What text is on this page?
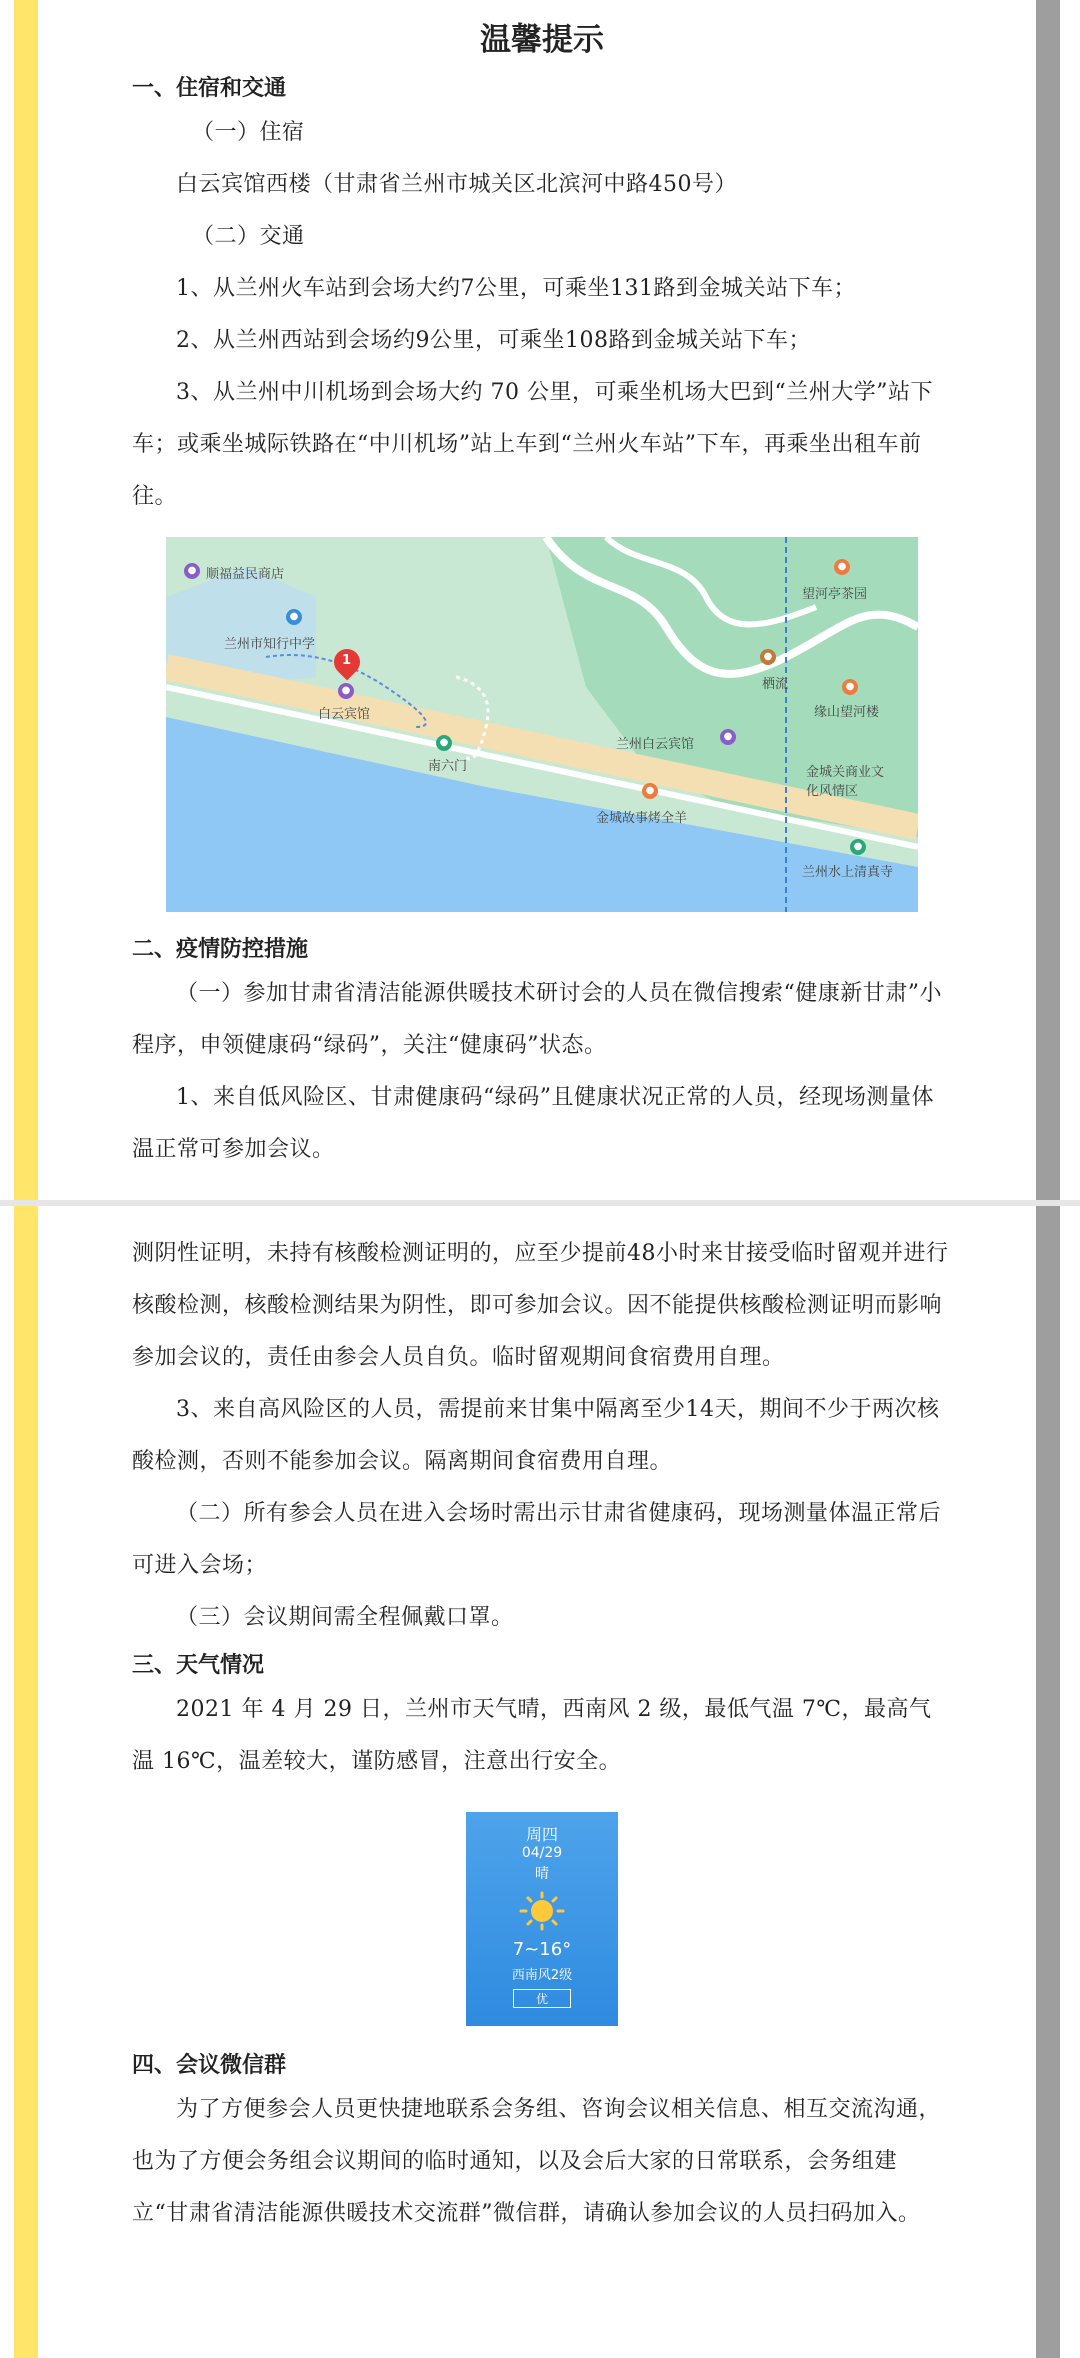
温馨提示

一、住宿和交通

（一）住宿

白云宾馆西楼（甘肃省兰州市城关区北滨河中路450号）

（二）交通

1、从兰州火车站到会场大约7公里，可乘坐131路到金城关站下车；

2、从兰州西站到会场约9公里，可乘坐108路到金城关站下车；

3、从兰州中川机场到会场大约 70 公里，可乘坐机场大巴到“兰州大学”站下车；或乘坐城际铁路在“中川机场”站上车到“兰州火车站”下车，再乘坐出租车前往。

● 顺福益民商店
●
兰州市知行中学
1
●
白云宾馆
●
南六门
●
望河亭茶园
●
栖流	●
缘山望河楼
●
兰州白云宾馆
金城关商业文化风情区
●
金城故事烤全羊
●
兰州水上清真寺

二、疫情防控措施

（一）参加甘肃省清洁能源供暖技术研讨会的人员在微信搜索“健康新甘肃”小程序，申领健康码“绿码”，关注“健康码”状态。

1、来自低风险区、甘肃健康码“绿码”且健康状况正常的人员，经现场测量体温正常可参加会议。

测阴性证明，未持有核酸检测证明的，应至少提前48小时来甘接受临时留观并进行核酸检测，核酸检测结果为阴性，即可参加会议。因不能提供核酸检测证明而影响参加会议的，责任由参会人员自负。临时留观期间食宿费用自理。

3、来自高风险区的人员，需提前来甘集中隔离至少14天，期间不少于两次核酸检测，否则不能参加会议。隔离期间食宿费用自理。

（二）所有参会人员在进入会场时需出示甘肃省健康码，现场测量体温正常后可进入会场；

（三）会议期间需全程佩戴口罩。

三、天气情况

2021 年 4 月 29 日，兰州市天气晴，西南风 2 级，最低气温 7℃，最高气温 16℃，温差较大，谨防感冒，注意出行安全。

周四
04/29
晴
7~16°
西南风2级
优

四、会议微信群

为了方便参会人员更快捷地联系会务组、咨询会议相关信息、相互交流沟通，也为了方便会务组会议期间的临时通知，以及会后大家的日常联系，会务组建立“甘肃省清洁能源供暖技术交流群”微信群，请确认参加会议的人员扫码加入。
